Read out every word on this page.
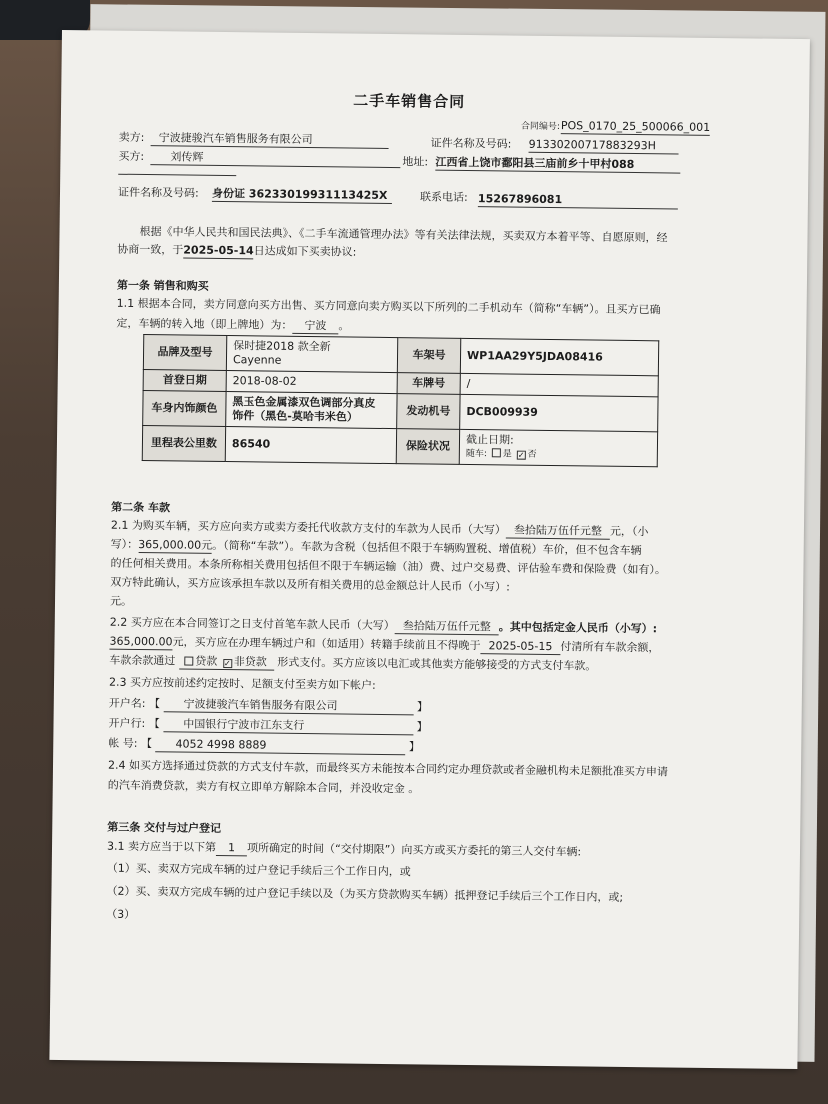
二手车销售合同
合同编号: POS_0170_25_500066_001
卖方:	宁波捷骏汽车销售服务有限公司	证件名称及号码: 91330200717883293H
买方:	刘传辉	地址: 江西省上饶市鄱阳县三庙前乡十甲村088
证件名称及号码: 身份证 36233019931113425X	联系电话: 15267896081
根据《中华人民共和国民法典》、《二手车流通管理办法》等有关法律法规，买卖双方本着平等、自愿原则，经
协商一致，于2025-05-14日达成如下买卖协议:
第一条 销售和购买
1.1 根据本合同，卖方同意向买方出售、买方同意向卖方购买以下所列的二手机动车（简称“车辆”）。且买方已确
定，车辆的转入地（即上牌地）为： 宁波 。
品牌及型号	保时捷2018 款全新
Cayenne	车架号	WP1AA29Y5JDA08416
首登日期	2018-08-02	车牌号	/
车身内饰颜色	黑玉色金属漆双色调部分真皮
饰件（黑色-莫哈韦米色）	发动机号	DCB009939
里程表公里数	86540	保险状况	截止日期:
随车: 是 ✓ 否
第二条 车款
2.1 为购买车辆，买方应向卖方或卖方委托代收款方支付的车款为人民币（大写） 叁拾陆万伍仟元整 元，（小
写）：365,000.00元。（简称“车款”）。车款为含税（包括但不限于车辆购置税、增值税）车价，但不包含车辆
的任何相关费用。本条所称相关费用包括但不限于车辆运输（油）费、过户交易费、评估验车费和保险费（如有）。
双方特此确认，买方应该承担车款以及所有相关费用的总金额总计人民币（小写）:
元。
2.2 买方应在本合同签订之日支付首笔车款人民币（大写） 叁拾陆万伍仟元整 。其中包括定金人民币（小写）:
365,000.00元，买方应在办理车辆过户和（如适用）转籍手续前且不得晚于 2025-05-15 付清所有车款余额，
车款余款通过 贷款 ✓ 非贷款 形式支付。买方应该以电汇或其他卖方能够接受的方式支付车款。
2.3 买方应按前述约定按时、足额支付至卖方如下帐户:
开户名: 【 宁波捷骏汽车销售服务有限公司	】
开户行: 【 中国银行宁波市江东支行	】
帐 号: 【 4052 4998 8889	】
2.4 如买方选择通过贷款的方式支付车款，而最终买方未能按本合同约定办理贷款或者金融机构未足额批准买方申请
的汽车消费贷款，卖方有权立即单方解除本合同，并没收定金 。
第三条 交付与过户登记
3.1 卖方应当于以下第 1 项所确定的时间（“交付期限”）向买方或买方委托的第三人交付车辆:
（1）买、卖双方完成车辆的过户登记手续后三个工作日内，或
（2）买、卖双方完成车辆的过户登记手续以及（为买方贷款购买车辆）抵押登记手续后三个工作日内，或;
（3）
